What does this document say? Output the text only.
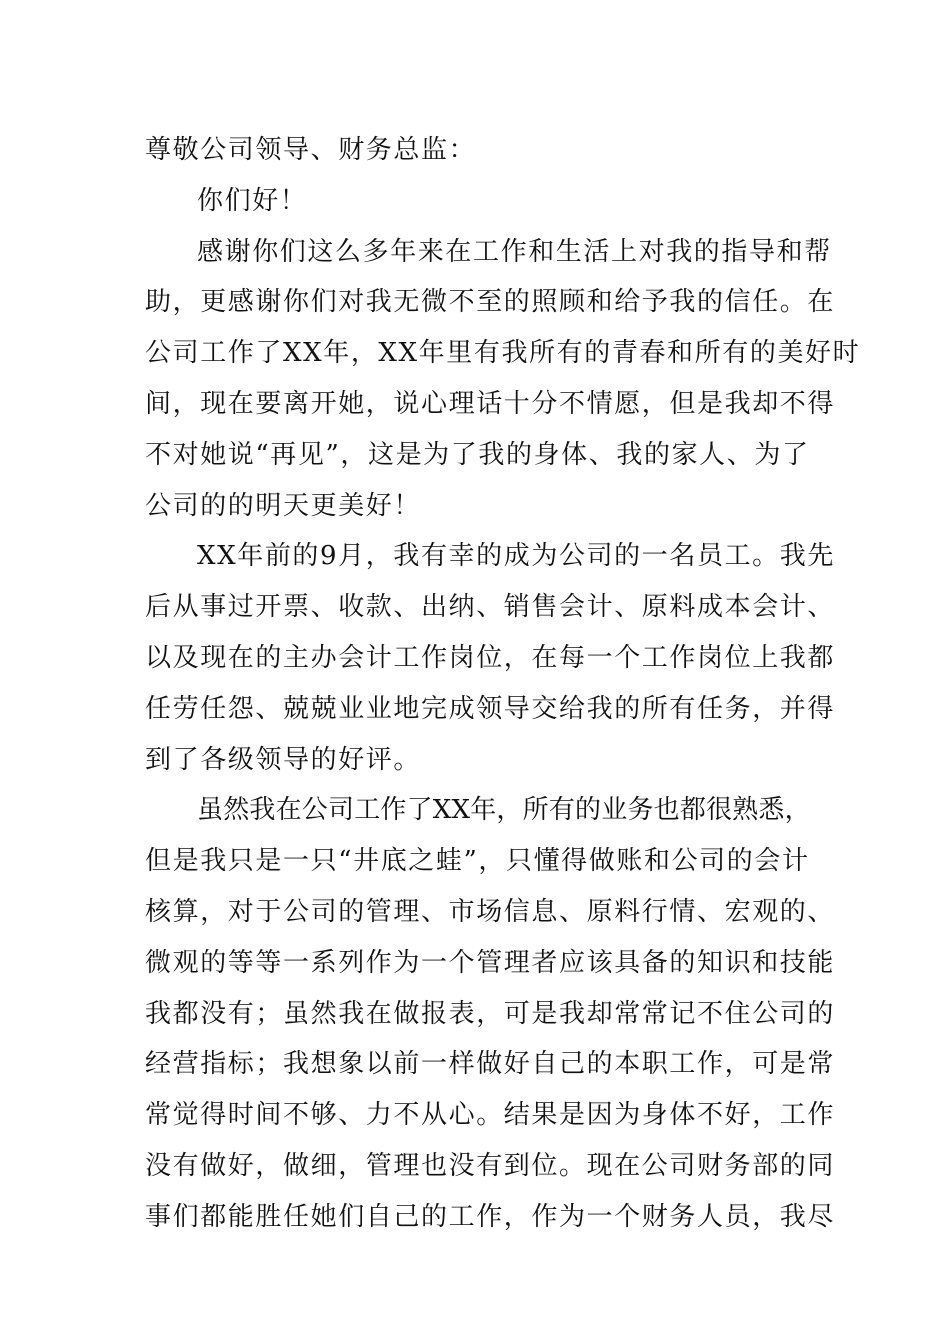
尊敬公司领导、财务总监：
你们好！
感谢你们这么多年来在工作和生活上对我的指导和帮
助，更感谢你们对我无微不至的照顾和给予我的信任。在
公司工作了XX年，XX年里有我所有的青春和所有的美好时
间，现在要离开她，说心理话十分不情愿，但是我却不得
不对她说“再见”，这是为了我的身体、我的家人、为了
公司的的明天更美好！
XX年前的9月，我有幸的成为公司的一名员工。我先
后从事过开票、收款、出纳、销售会计、原料成本会计、
以及现在的主办会计工作岗位，在每一个工作岗位上我都
任劳任怨、兢兢业业地完成领导交给我的所有任务，并得
到了各级领导的好评。
虽然我在公司工作了XX年，所有的业务也都很熟悉，
但是我只是一只“井底之蛙”，只懂得做账和公司的会计
核算，对于公司的管理、市场信息、原料行情、宏观的、
微观的等等一系列作为一个管理者应该具备的知识和技能
我都没有；虽然我在做报表，可是我却常常记不住公司的
经营指标；我想象以前一样做好自己的本职工作，可是常
常觉得时间不够、力不从心。结果是因为身体不好，工作
没有做好，做细，管理也没有到位。现在公司财务部的同
事们都能胜任她们自己的工作，作为一个财务人员，我尽
